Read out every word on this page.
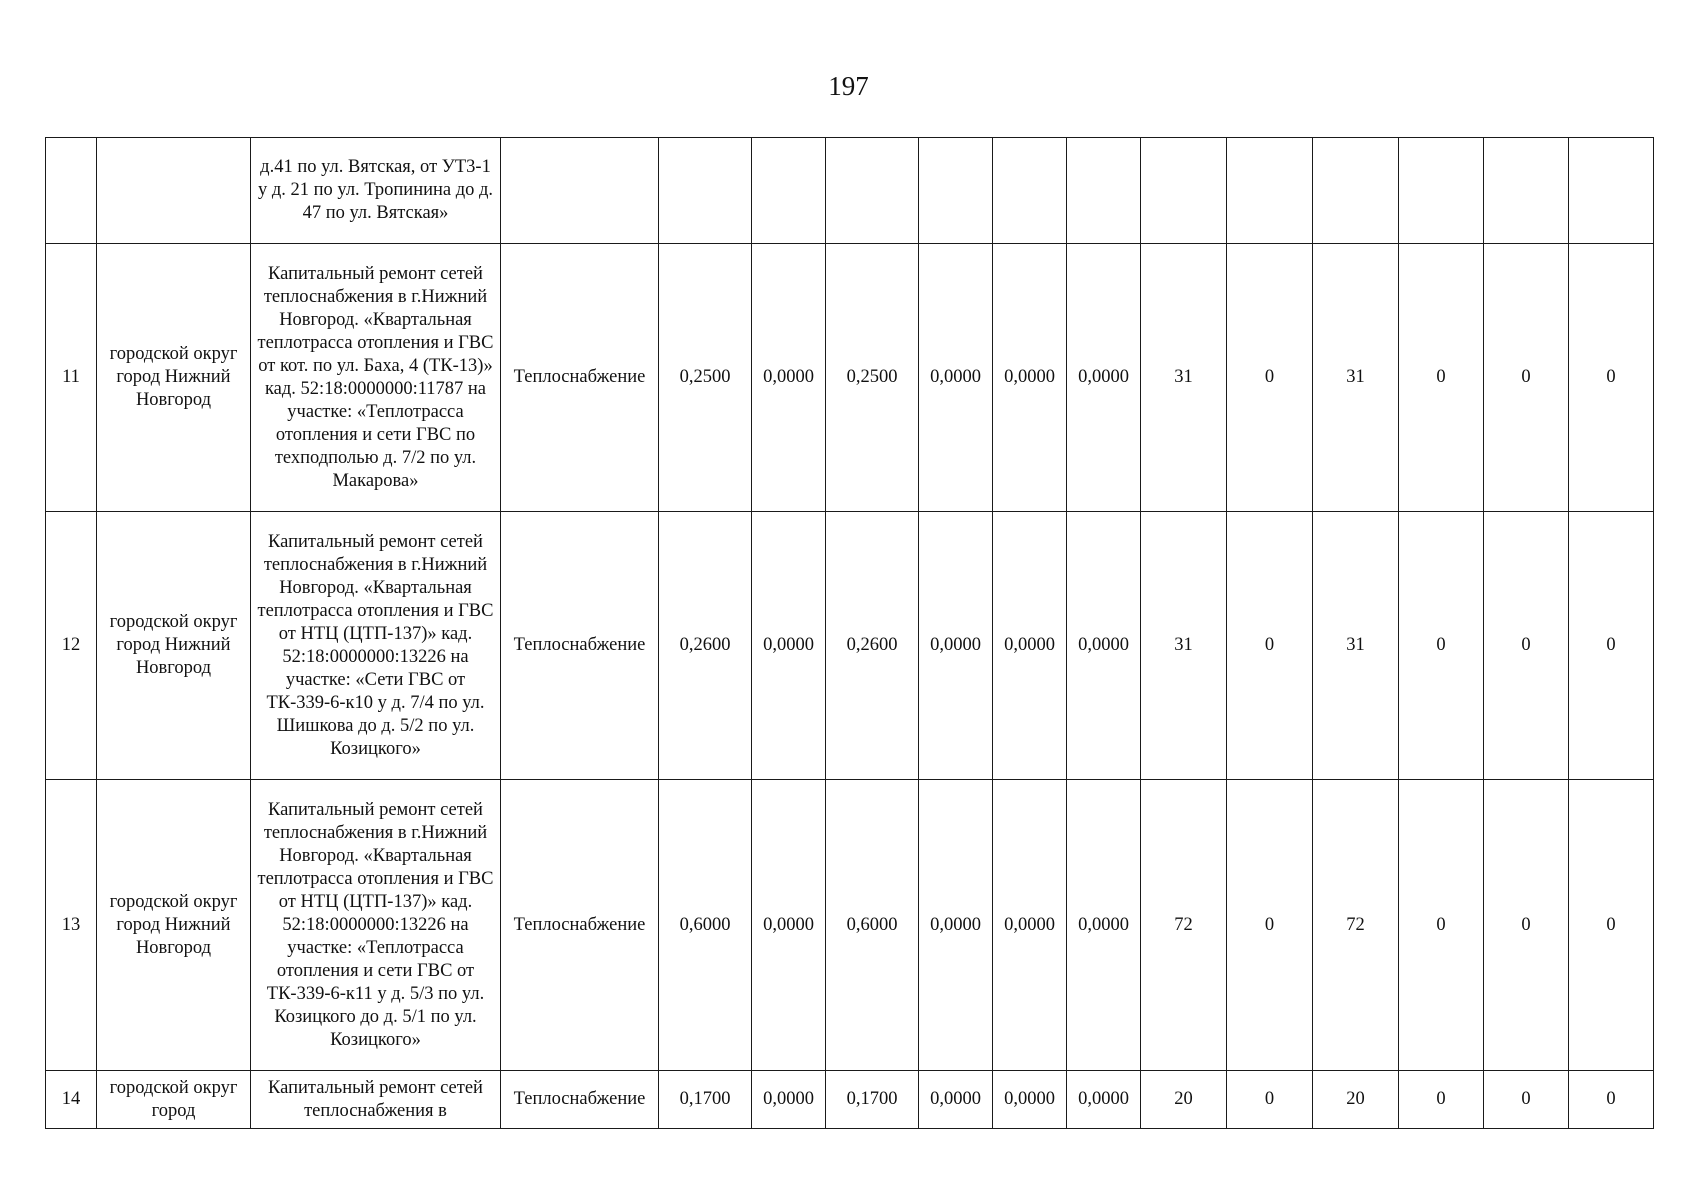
197
		д.41 по ул. Вятская, от УТ3-1 у д. 21 по ул. Тропинина до д. 47 по ул. Вятская»													
11	городской округ город Нижний Новгород	Капитальный ремонт сетей теплоснабжения в г.Нижний Новгород. «Квартальная теплотрасса отопления и ГВС от кот. по ул. Баха, 4 (ТК-13)» кад. 52:18:0000000:11787 на участке: «Теплотрасса отопления и сети ГВС по техподполью д. 7/2 по ул. Макарова»	Теплоснабжение	0,2500	0,0000	0,2500	0,0000	0,0000	0,0000	31	0	31	0	0	0
12	городской округ город Нижний Новгород	Капитальный ремонт сетей теплоснабжения в г.Нижний Новгород. «Квартальная теплотрасса отопления и ГВС от НТЦ (ЦТП-137)» кад. 52:18:0000000:13226 на участке: «Сети ГВС от ТК-339-6-к10 у д. 7/4 по ул. Шишкова до д. 5/2 по ул. Козицкого»	Теплоснабжение	0,2600	0,0000	0,2600	0,0000	0,0000	0,0000	31	0	31	0	0	0
13	городской округ город Нижний Новгород	Капитальный ремонт сетей теплоснабжения в г.Нижний Новгород. «Квартальная теплотрасса отопления и ГВС от НТЦ (ЦТП-137)» кад. 52:18:0000000:13226 на участке: «Теплотрасса отопления и сети ГВС от ТК-339-6-к11 у д. 5/3 по ул. Козицкого до д. 5/1 по ул. Козицкого»	Теплоснабжение	0,6000	0,0000	0,6000	0,0000	0,0000	0,0000	72	0	72	0	0	0
14	городской округ город	Капитальный ремонт сетей теплоснабжения в	Теплоснабжение	0,1700	0,0000	0,1700	0,0000	0,0000	0,0000	20	0	20	0	0	0
